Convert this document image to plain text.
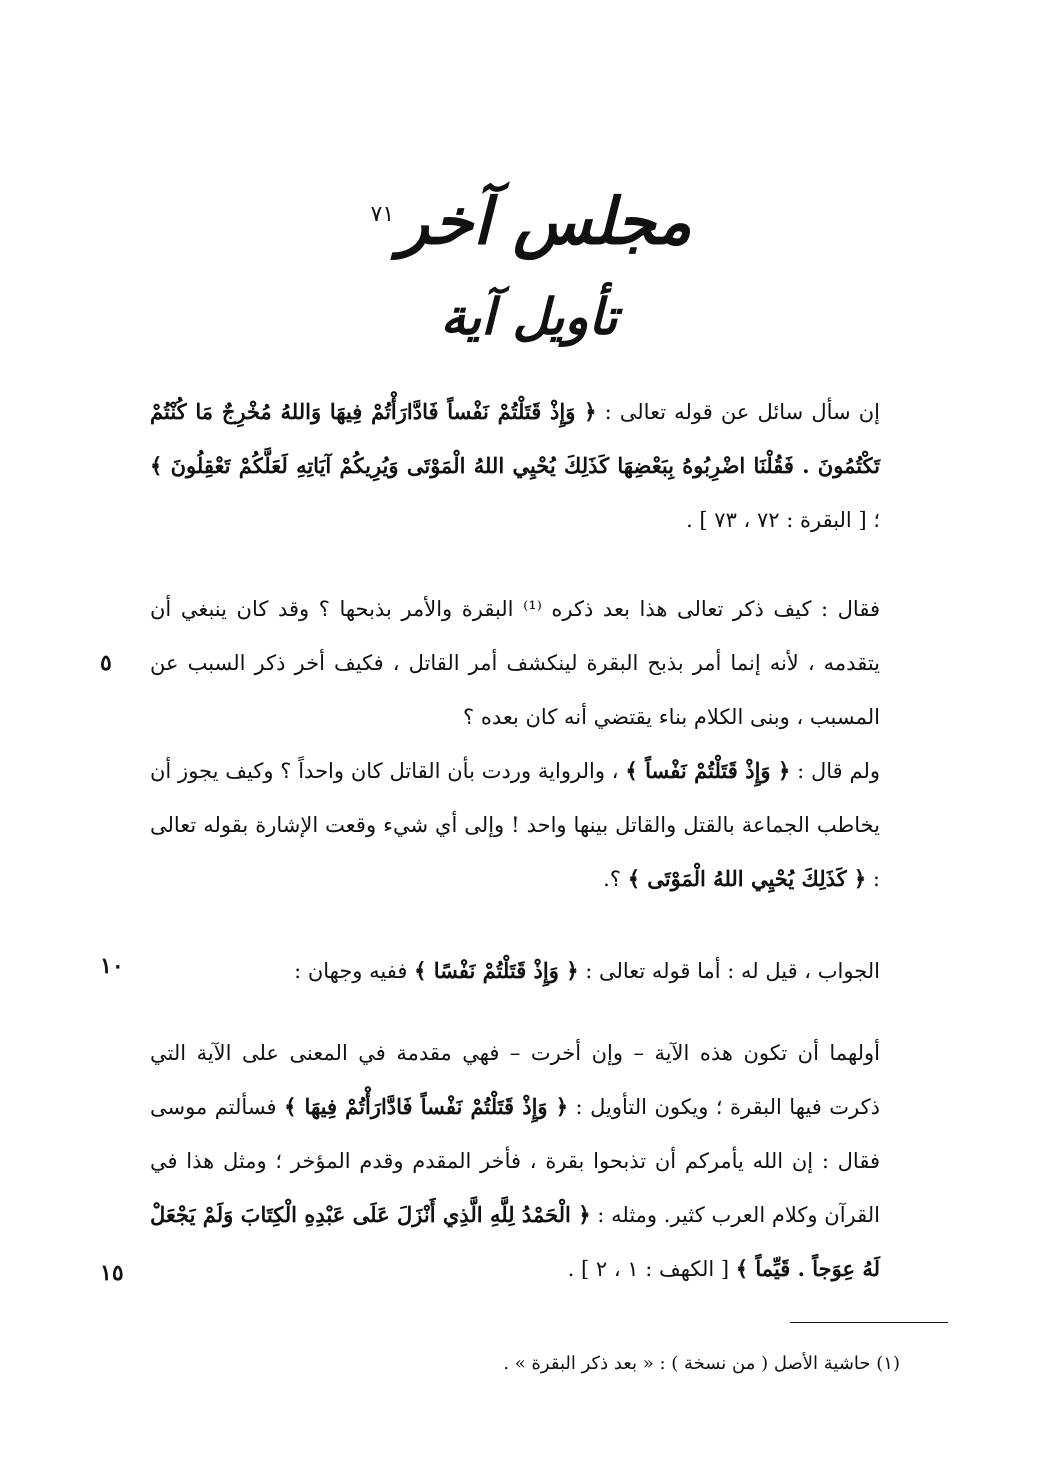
مجلس آخر$^{٧١}$
تأويل آية
إن سأل سائل عن قوله تعالى : ﴿ وَإِذْ قَتَلْتُمْ نَفْساً فَادَّارَأْتُمْ فِيهَا وَاللهُ مُخْرِجٌ مَا كُنْتُمْ تَكْتُمُونَ . فَقُلْنَا اضْرِبُوهُ بِبَعْضِهَا كَذَلِكَ يُحْيِي اللهُ الْمَوْتَى وَيُرِيكُمْ آيَاتِهِ لَعَلَّكُمْ تَعْقِلُونَ ﴾ ؛ [ البقرة : ٧٢ ، ٧٣ ] .
فقال : كيف ذكر تعالى هذا بعد ذكره ⁽¹⁾ البقرة والأمر بذبحها ؟ وقد كان ينبغي أن يتقدمه ، لأنه إنما أمر بذبح البقرة لينكشف أمر القاتل ، فكيف أخر ذكر السبب عن المسبب ، وبنى الكلام بناء يقتضي أنه كان بعده ؟
ولم قال : ﴿ وَإِذْ قَتَلْتُمْ نَفْساً ﴾ ، والرواية وردت بأن القاتل كان واحداً ؟ وكيف يجوز أن يخاطب الجماعة بالقتل والقاتل بينها واحد ! وإلى أي شيء وقعت الإشارة بقوله تعالى : ﴿ كَذَلِكَ يُحْيِي اللهُ الْمَوْتَى ﴾ ؟.
الجواب ، قيل له : أما قوله تعالى : ﴿ وَإِذْ قَتَلْتُمْ نَفْسًا ﴾ ففيه وجهان :
أولهما أن تكون هذه الآية – وإن أخرت – فهي مقدمة في المعنى على الآية التي ذكرت فيها البقرة ؛ ويكون التأويل : ﴿ وَإِذْ قَتَلْتُمْ نَفْساً فَادَّارَأْتُمْ فِيهَا ﴾ فسألتم موسى فقال : إن الله يأمركم أن تذبحوا بقرة ، فأخر المقدم وقدم المؤخر ؛ ومثل هذا في القرآن وكلام العرب كثير. ومثله : ﴿ الْحَمْدُ لِلَّهِ الَّذِي أَنْزَلَ عَلَى عَبْدِهِ الْكِتَابَ وَلَمْ يَجْعَلْ لَهُ عِوَجاً . قَيِّماً ﴾ [ الكهف : ١ ، ٢ ] .
٥
١٠
١٥
(١) حاشية الأصل ( من نسخة ) : « بعد ذكر البقرة » .
